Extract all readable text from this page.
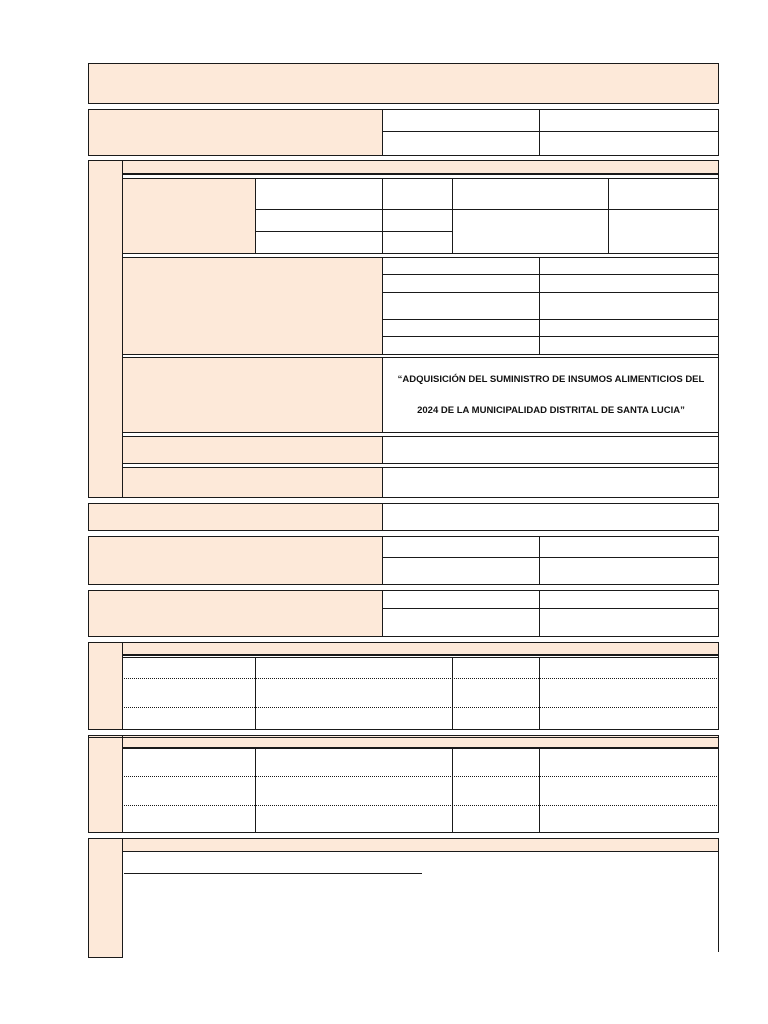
“ADQUISICIÓN DEL SUMINISTRO DE INSUMOS ALIMENTICIOS DEL
2024 DE LA MUNICIPALIDAD DISTRITAL DE SANTA LUCIA”
